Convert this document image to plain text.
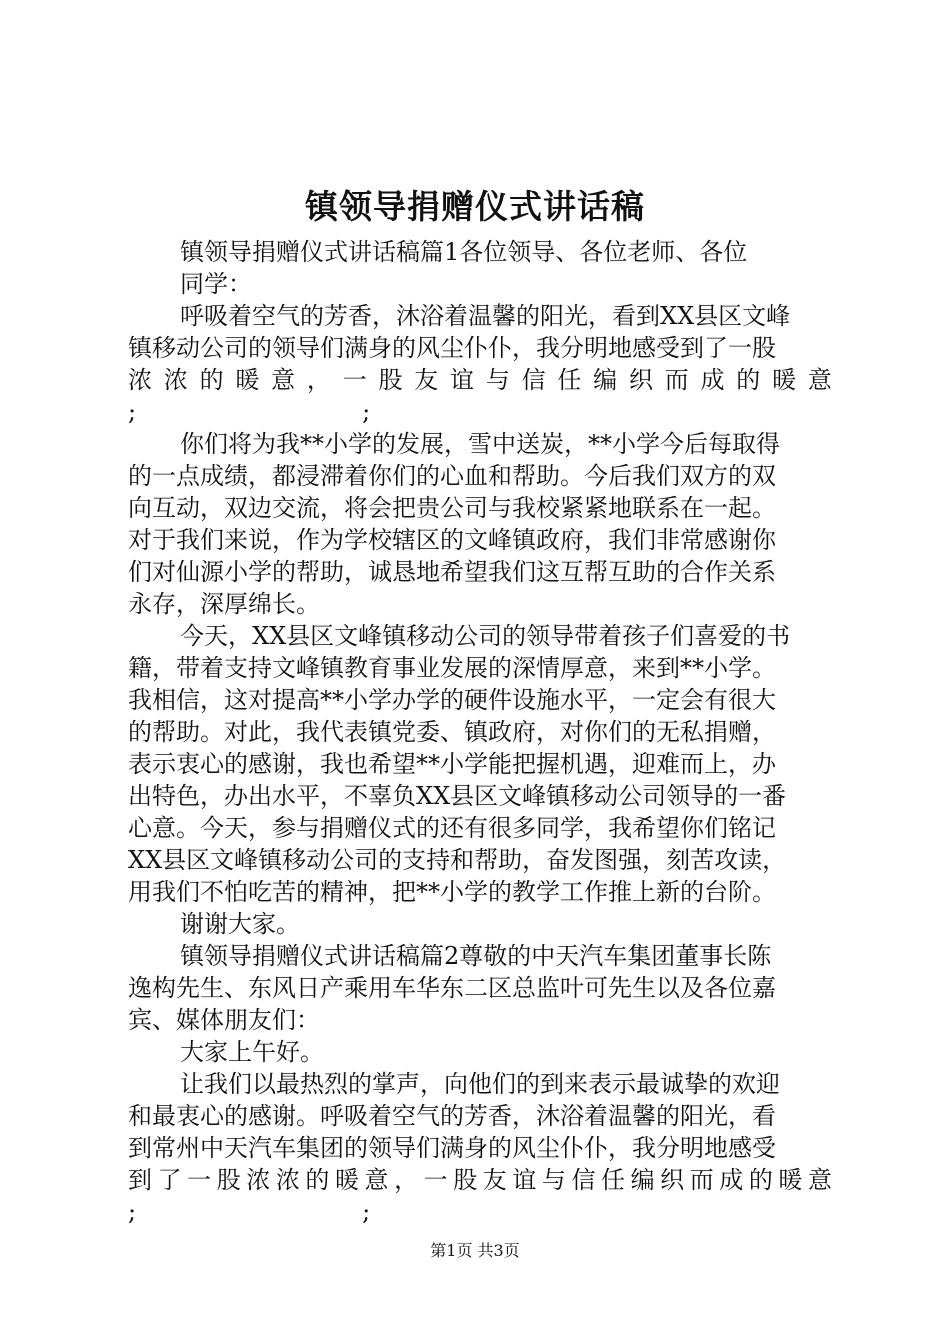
镇领导捐赠仪式讲话稿
镇领导捐赠仪式讲话稿篇1各位领导、各位老师、各位
同学：
呼吸着空气的芳香，沐浴着温馨的阳光，看到XX县区文峰
镇移动公司的领导们满身的风尘仆仆，我分明地感受到了一股
浓 浓 的 暖 意 ， 一 股 友 谊 与 信 任 编 织 而 成 的 暖 意
;	;
你们将为我**小学的发展，雪中送炭，**小学今后每取得
的一点成绩，都浸滞着你们的心血和帮助。今后我们双方的双
向互动，双边交流，将会把贵公司与我校紧紧地联系在一起。
对于我们来说，作为学校辖区的文峰镇政府，我们非常感谢你
们对仙源小学的帮助，诚恳地希望我们这互帮互助的合作关系
永存，深厚绵长。
今天，XX县区文峰镇移动公司的领导带着孩子们喜爱的书
籍，带着支持文峰镇教育事业发展的深情厚意，来到**小学。
我相信，这对提高**小学办学的硬件设施水平，一定会有很大
的帮助。对此，我代表镇党委、镇政府，对你们的无私捐赠，
表示衷心的感谢，我也希望**小学能把握机遇，迎难而上，办
出特色，办出水平，不辜负XX县区文峰镇移动公司领导的一番
心意。今天，参与捐赠仪式的还有很多同学，我希望你们铭记
XX县区文峰镇移动公司的支持和帮助，奋发图强，刻苦攻读，
用我们不怕吃苦的精神，把**小学的教学工作推上新的台阶。
谢谢大家。
镇领导捐赠仪式讲话稿篇2尊敬的中天汽车集团董事长陈
逸构先生、东风日产乘用车华东二区总监叶可先生以及各位嘉
宾、媒体朋友们：
大家上午好。
让我们以最热烈的掌声，向他们的到来表示最诚挚的欢迎
和最衷心的感谢。呼吸着空气的芳香，沐浴着温馨的阳光，看
到常州中天汽车集团的领导们满身的风尘仆仆，我分明地感受
到 了 一 股 浓 浓 的 暖 意 ， 一 股 友 谊 与 信 任 编 织 而 成 的 暖 意
;	;
第1页 共3页
